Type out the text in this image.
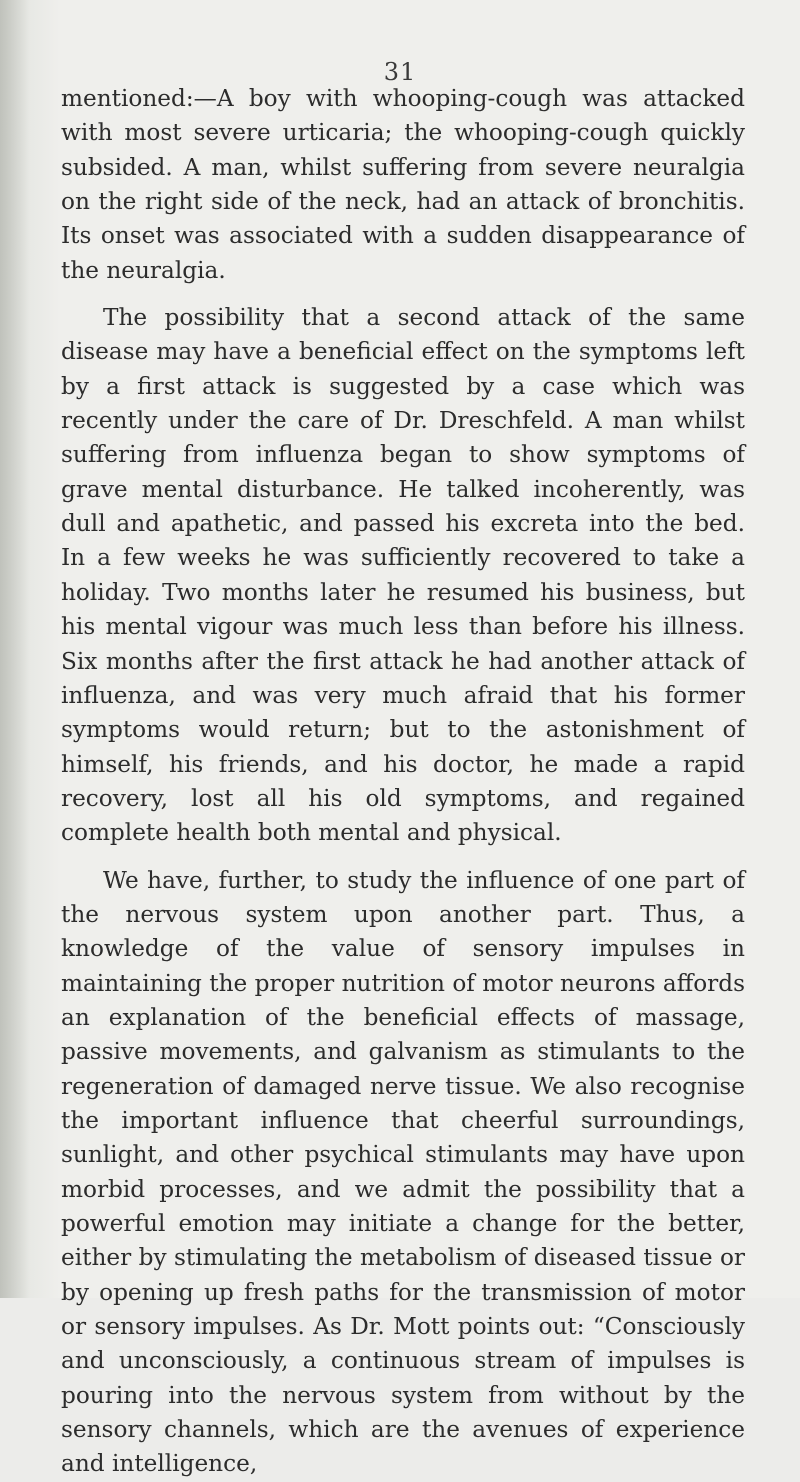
31

mentioned:—A boy with whooping-cough was attacked with most severe urticaria; the whooping-cough quickly subsided. A man, whilst suffering from severe neuralgia on the right side of the neck, had an attack of bronchitis. Its onset was associated with a sudden disappearance of the neuralgia.

The possibility that a second attack of the same disease may have a beneficial effect on the symptoms left by a first attack is suggested by a case which was recently under the care of Dr. Dreschfeld. A man whilst suffering from influenza began to show symptoms of grave mental disturbance. He talked incoherently, was dull and apathetic, and passed his excreta into the bed. In a few weeks he was sufficiently recovered to take a holiday. Two months later he resumed his business, but his mental vigour was much less than before his illness. Six months after the first attack he had another attack of influenza, and was very much afraid that his former symptoms would return; but to the astonishment of himself, his friends, and his doctor, he made a rapid recovery, lost all his old symptoms, and regained complete health both mental and physical.

We have, further, to study the influence of one part of the nervous system upon another part. Thus, a knowledge of the value of sensory impulses in maintaining the proper nutrition of motor neurons affords an explanation of the beneficial effects of massage, passive movements, and galvanism as stimulants to the regeneration of damaged nerve tissue. We also recognise the important influence that cheerful surroundings, sunlight, and other psychical stimulants may have upon morbid processes, and we admit the possibility that a powerful emotion may initiate a change for the better, either by stimulating the metabolism of diseased tissue or by opening up fresh paths for the transmission of motor or sensory impulses. As Dr. Mott points out: “Consciously and unconsciously, a continuous stream of impulses is pouring into the nervous system from without by the sensory channels, which are the avenues of experience and intelligence,
